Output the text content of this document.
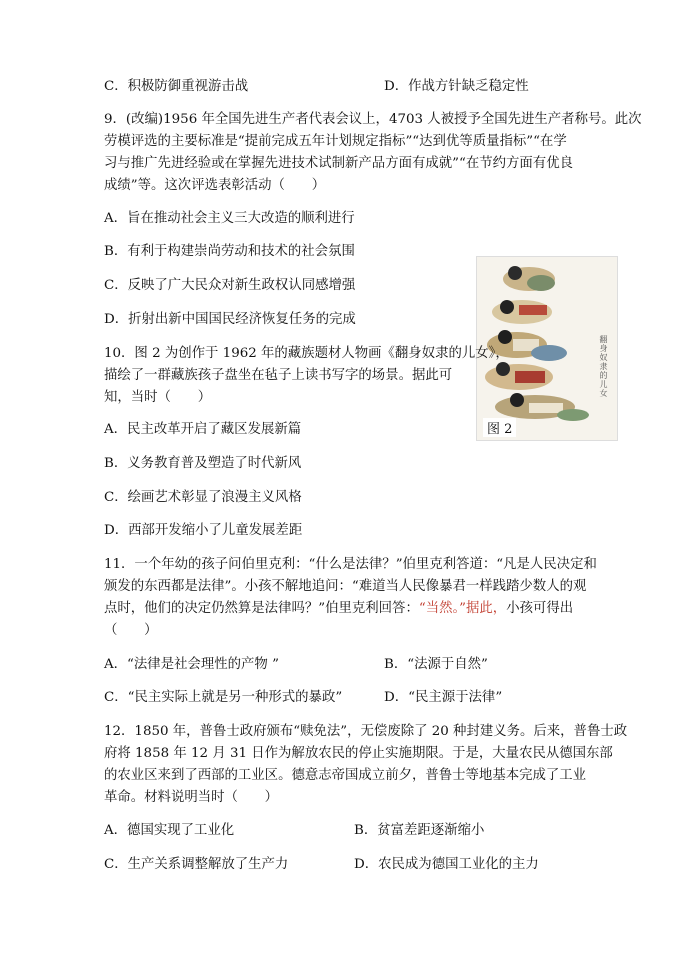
C．积极防御重视游击战	D．作战方针缺乏稳定性
9．(改编)1956 年全国先进生产者代表会议上，4703 人被授予全国先进生产者称号。此次
劳模评选的主要标准是“提前完成五年计划规定指标”“达到优等质量指标”“在学
习与推广先进经验或在掌握先进技术试制新产品方面有成就”“在节约方面有优良
成绩”等。这次评选表彰活动（　　）
A．旨在推动社会主义三大改造的顺利进行
B．有利于构建崇尚劳动和技术的社会氛围
C．反映了广大民众对新生政权认同感增强
D．折射出新中国国民经济恢复任务的完成
翻身奴隶的儿女
图 2
10．图 2 为创作于 1962 年的藏族题材人物画《翻身奴隶的儿女》，
描绘了一群藏族孩子盘坐在毡子上读书写字的场景。据此可
知，当时（　　）
A．民主改革开启了藏区发展新篇
B．义务教育普及塑造了时代新风
C．绘画艺术彰显了浪漫主义风格
D．西部开发缩小了儿童发展差距
11．一个年幼的孩子问伯里克利：“什么是法律？”伯里克利答道：“凡是人民决定和
颁发的东西都是法律”。小孩不解地追问：“难道当人民像暴君一样践踏少数人的观
点时，他们的决定仍然算是法律吗？”伯里克利回答：“当然。”据此，小孩可得出
（　　）
A．“法律是社会理性的产物 ”	B．“法源于自然”
C．“民主实际上就是另一种形式的暴政”	D．“民主源于法律”
12．1850 年，普鲁士政府颁布“赎免法”，无偿废除了 20 种封建义务。后来，普鲁士政
府将 1858 年 12 月 31 日作为解放农民的停止实施期限。于是，大量农民从德国东部
的农业区来到了西部的工业区。德意志帝国成立前夕，普鲁士等地基本完成了工业
革命。材料说明当时（　　）
A．德国实现了工业化	B．贫富差距逐渐缩小
C．生产关系调整解放了生产力	D．农民成为德国工业化的主力
